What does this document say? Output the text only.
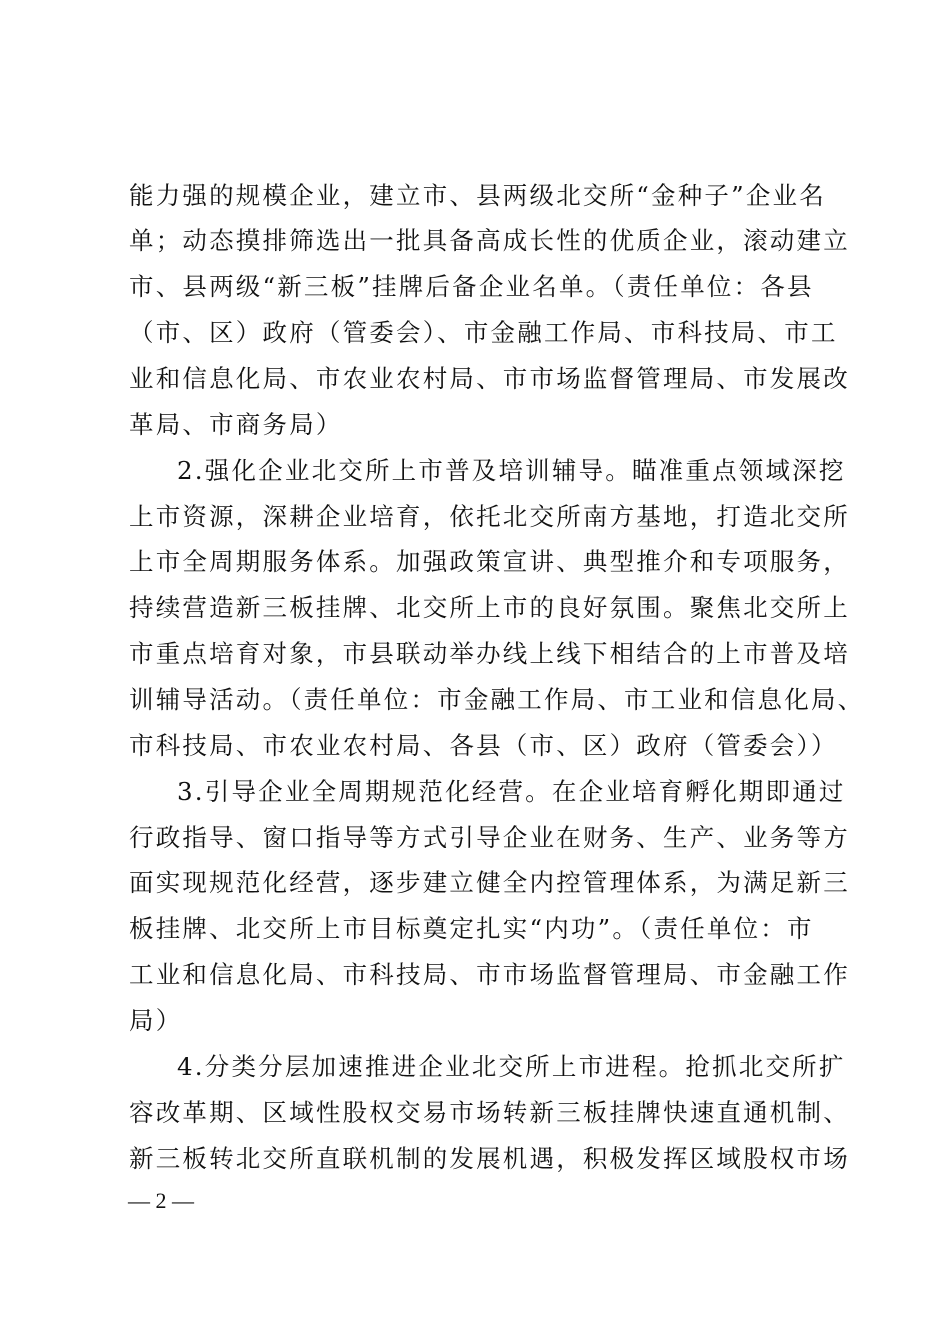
能力强的规模企业，建立市、县两级北交所“金种子”企业名
单；动态摸排筛选出一批具备高成长性的优质企业，滚动建立
市、县两级“新三板”挂牌后备企业名单。（责任单位：各县
（市、区）政府（管委会）、市金融工作局、市科技局、市工
业和信息化局、市农业农村局、市市场监督管理局、市发展改
革局、市商务局）
2.强化企业北交所上市普及培训辅导。瞄准重点领域深挖
上市资源，深耕企业培育，依托北交所南方基地，打造北交所
上市全周期服务体系。加强政策宣讲、典型推介和专项服务，
持续营造新三板挂牌、北交所上市的良好氛围。聚焦北交所上
市重点培育对象，市县联动举办线上线下相结合的上市普及培
训辅导活动。（责任单位：市金融工作局、市工业和信息化局、
市科技局、市农业农村局、各县（市、区）政府（管委会））
3.引导企业全周期规范化经营。在企业培育孵化期即通过
行政指导、窗口指导等方式引导企业在财务、生产、业务等方
面实现规范化经营，逐步建立健全内控管理体系，为满足新三
板挂牌、北交所上市目标奠定扎实“内功”。（责任单位：市
工业和信息化局、市科技局、市市场监督管理局、市金融工作
局）
4.分类分层加速推进企业北交所上市进程。抢抓北交所扩
容改革期、区域性股权交易市场转新三板挂牌快速直通机制、
新三板转北交所直联机制的发展机遇，积极发挥区域股权市场
— 2 —
